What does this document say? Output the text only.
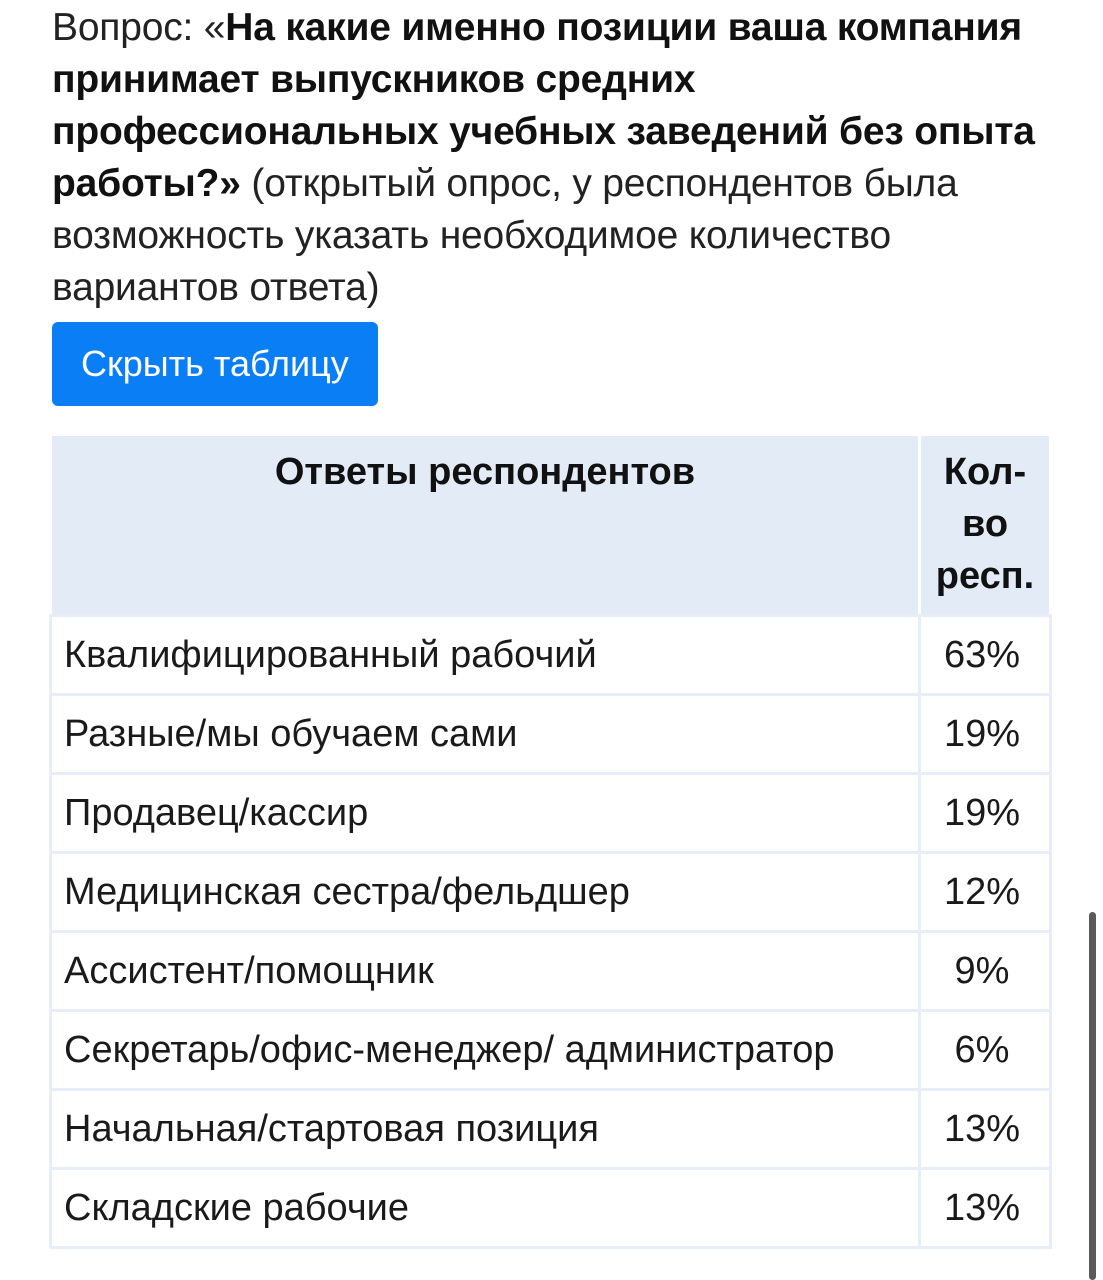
Вопрос: «На какие именно позиции ваша компания принимает выпускников средних профессиональных учебных заведений без опыта работы?» (открытый опрос, у респондентов была возможность указать необходимое количество вариантов ответа)

Скрыть таблицу
Ответы респондентов	Кол-во респ.
Квалифицированный рабочий	63%
Разные/мы обучаем сами	19%
Продавец/кассир	19%
Медицинская сестра/фельдшер	12%
Ассистент/помощник	9%
Секретарь/офис-менеджер/ администратор	6%
Начальная/стартовая позиция	13%
Складские рабочие	13%
